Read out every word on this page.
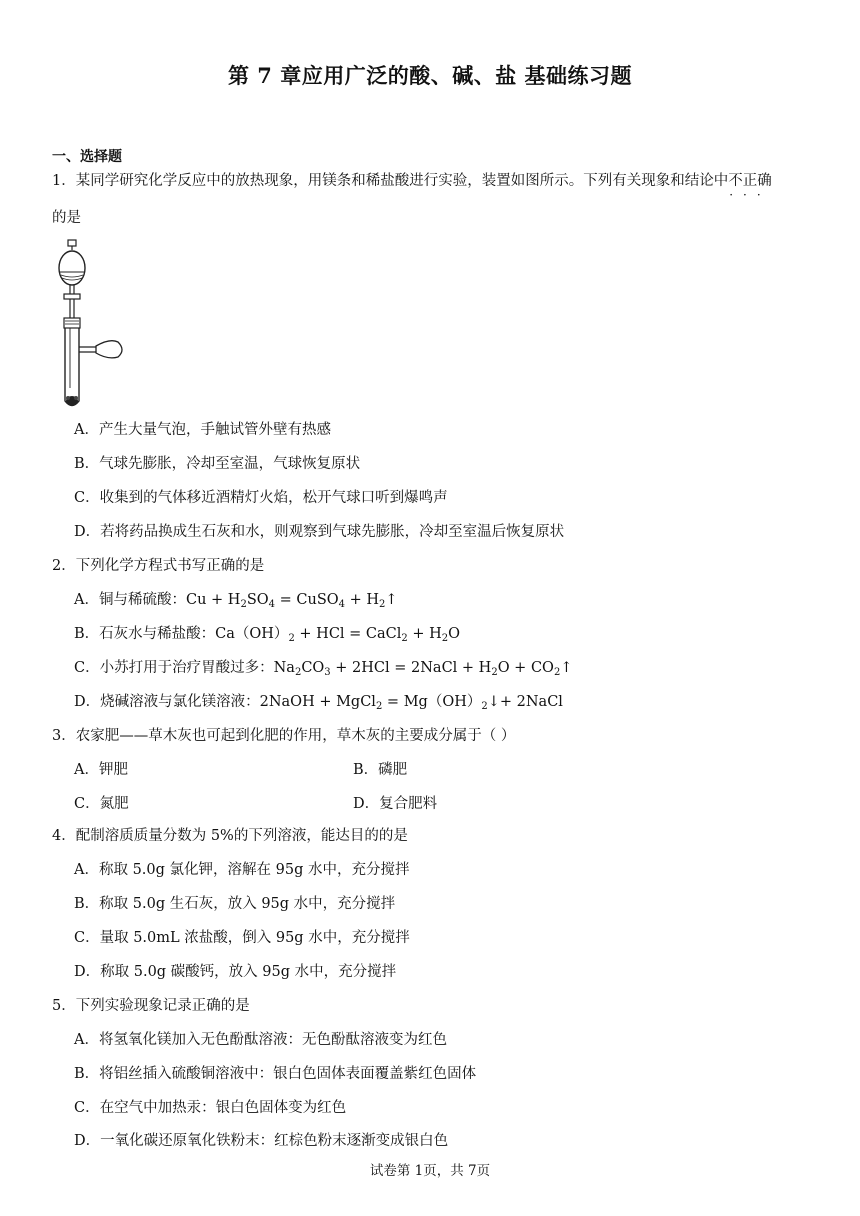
第 7 章应用广泛的酸、碱、盐 基础练习题
一、选择题
1．某同学研究化学反应中的放热现象，用镁条和稀盐酸进行实验，装置如图所示。下列有关现象和结论中不正确 · · ·
的是
A．产生大量气泡，手触试管外壁有热感
B．气球先膨胀，冷却至室温，气球恢复原状
C．收集到的气体移近酒精灯火焰，松开气球口听到爆鸣声
D．若将药品换成生石灰和水，则观察到气球先膨胀，冷却至室温后恢复原状
2．下列化学方程式书写正确的是
A．铜与稀硫酸：$Cu + H_2SO_4$ = CuSO$_4$ + $H_2↑$
B．石灰水与稀盐酸：$Ca(OH)_2$ + HCl = CaCl$_2$ + $H_2O$
C．小苏打用于治疗胃酸过多：$Na_2CO_3 + 2HCl$ = 2NaCl + $H_2O$ + $CO_2↑$
D．烧碱溶液与氯化镁溶液：2NaOH + MgCl$_2$ = $Mg(OH)_2↓+$ 2NaCl
3．农家肥——草木灰也可起到化肥的作用，草木灰的主要成分属于（ ）
A．钾肥	B．磷肥
C．氮肥	D．复合肥料
4．配制溶质质量分数为 5%的下列溶液，能达目的的是
A．称取 5.0g 氯化钾，溶解在 95g 水中，充分搅拌
B．称取 5.0g 生石灰，放入 95g 水中，充分搅拌
C．量取 5.0mL 浓盐酸，倒入 95g 水中，充分搅拌
D．称取 5.0g 碳酸钙，放入 95g 水中，充分搅拌
5．下列实验现象记录正确的是
A．将氢氧化镁加入无色酚酞溶液：无色酚酞溶液变为红色
B．将铝丝插入硫酸铜溶液中：银白色固体表面覆盖紫红色固体
C．在空气中加热汞：银白色固体变为红色
D．一氧化碳还原氧化铁粉末：红棕色粉末逐渐变成银白色
试卷第 1页，共 7页
